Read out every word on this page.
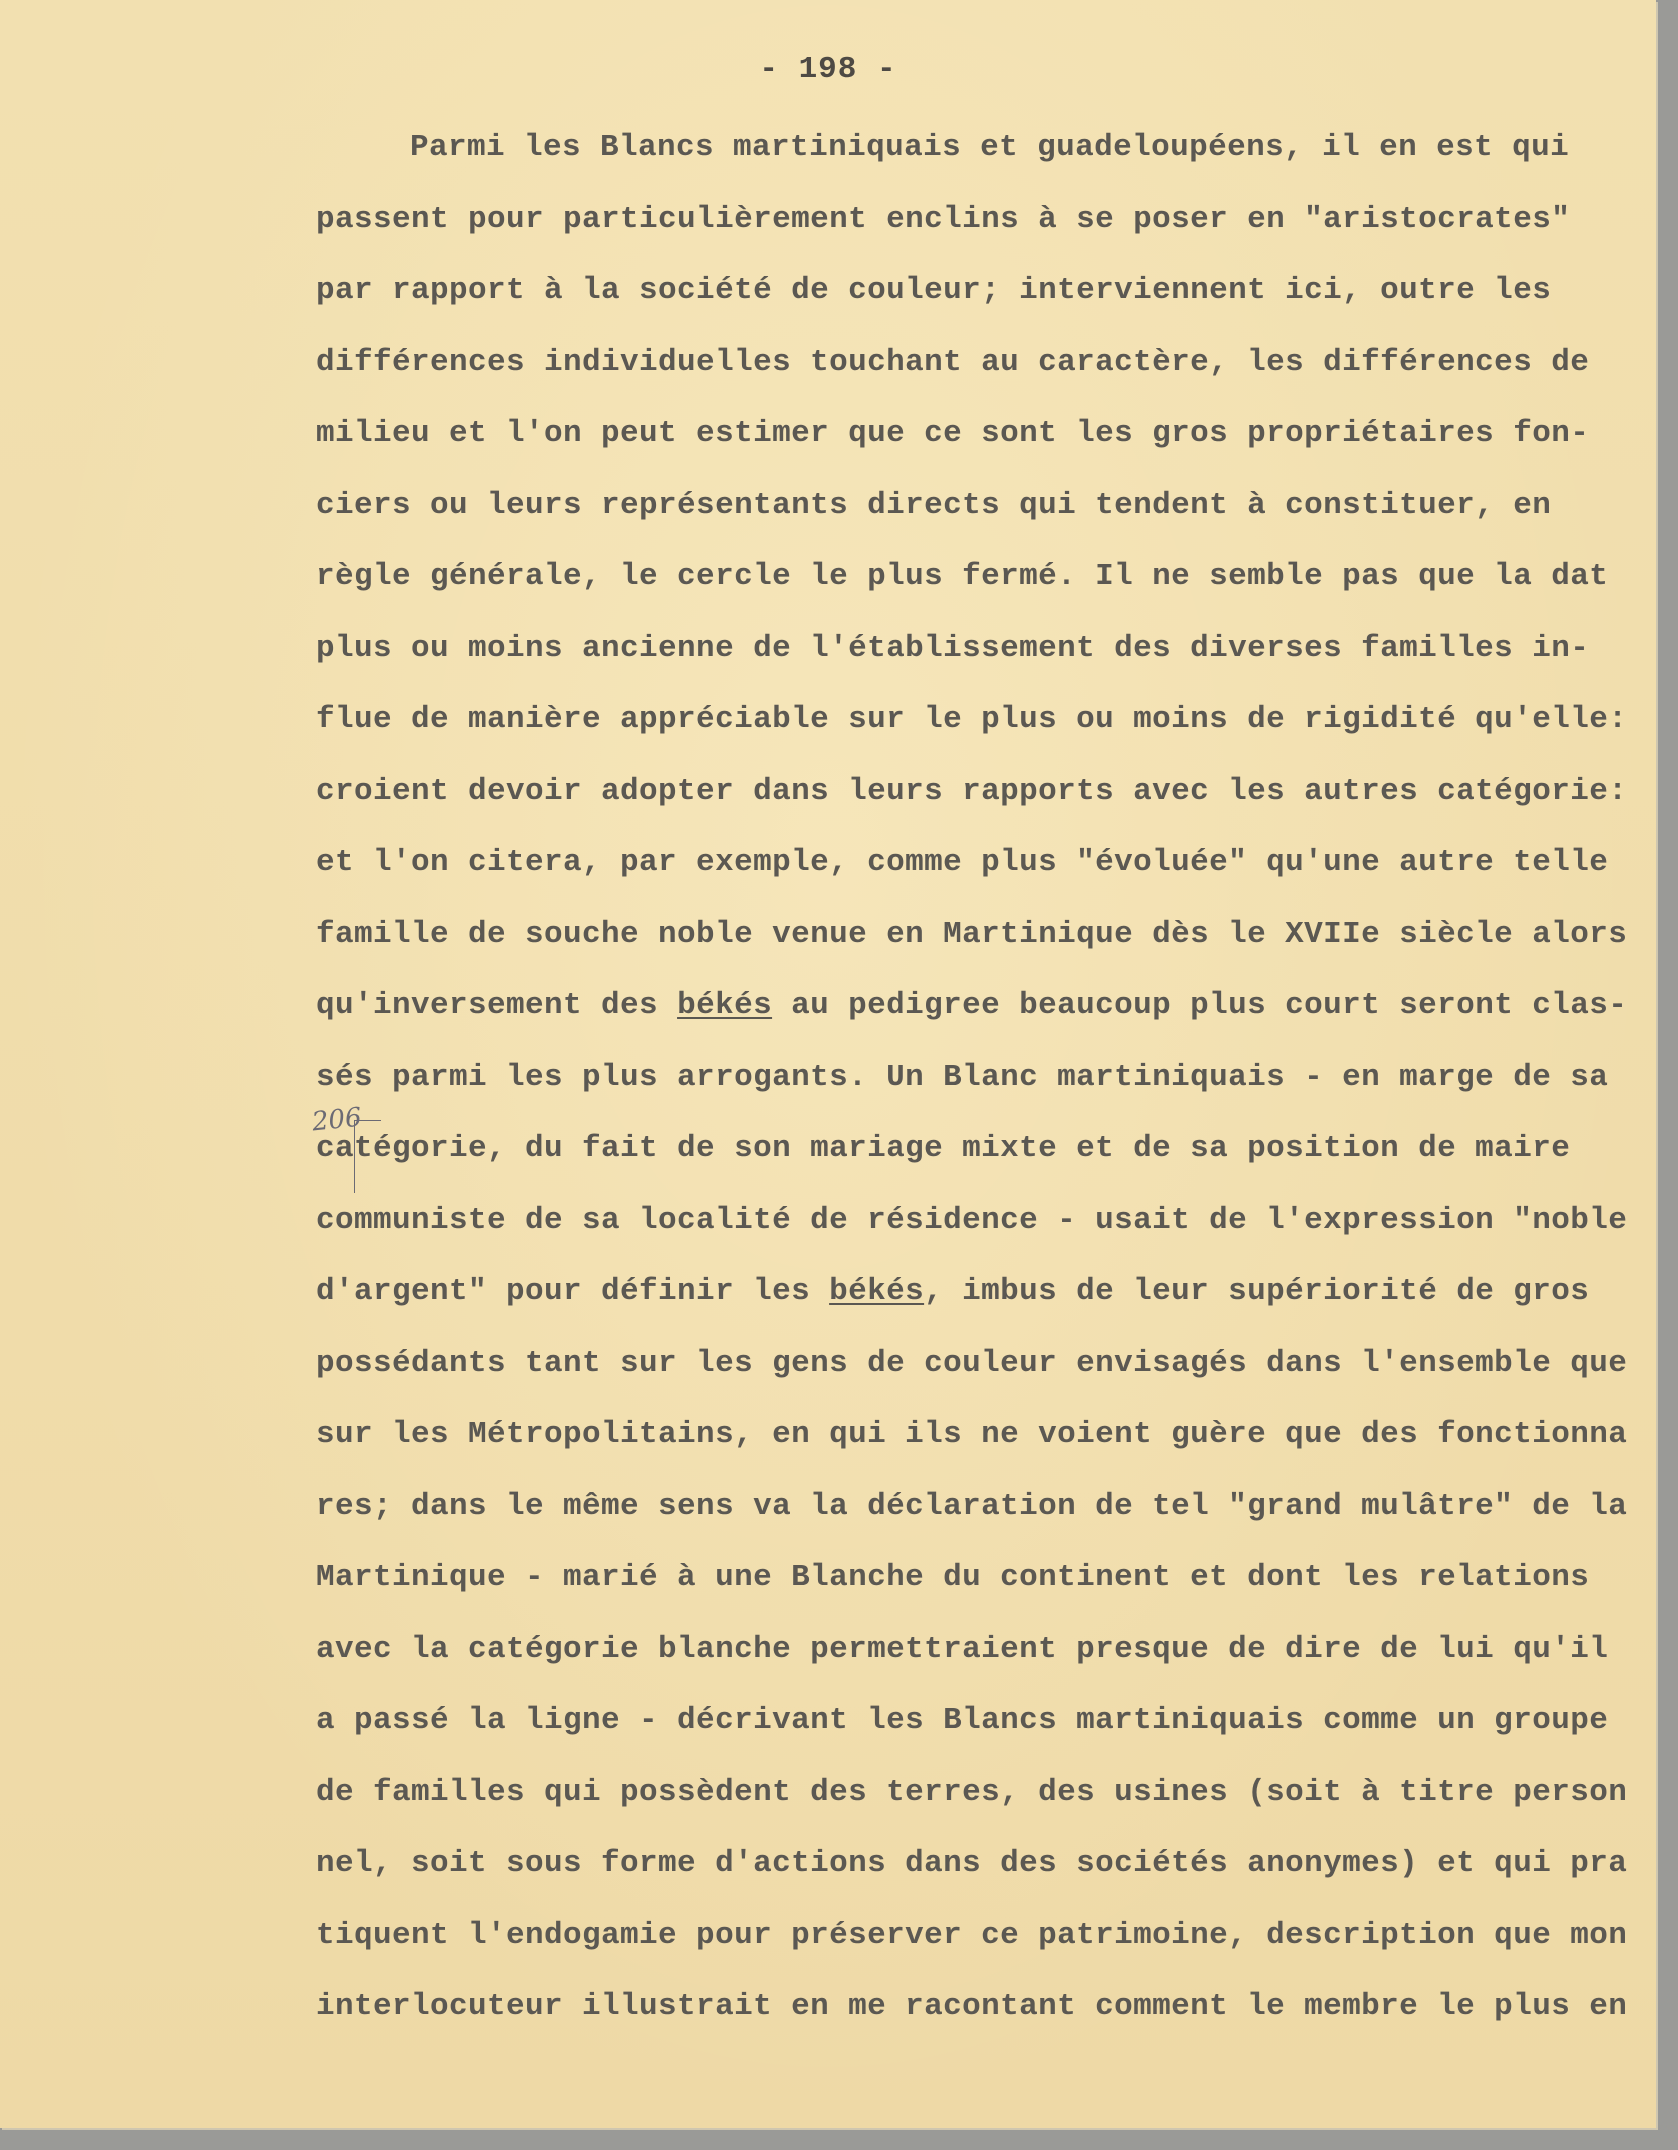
- 198 -
Parmi les Blancs martiniquais et guadeloupéens, il en est qui
passent pour particulièrement enclins à se poser en "aristocrates"
par rapport à la société de couleur; interviennent ici, outre les
différences individuelles touchant au caractère, les différences de
milieu et l'on peut estimer que ce sont les gros propriétaires fon-
ciers ou leurs représentants directs qui tendent à constituer, en
règle générale, le cercle le plus fermé. Il ne semble pas que la dat
plus ou moins ancienne de l'établissement des diverses familles in-
flue de manière appréciable sur le plus ou moins de rigidité qu'elle:
croient devoir adopter dans leurs rapports avec les autres catégorie:
et l'on citera, par exemple, comme plus "évoluée" qu'une autre telle
famille de souche noble venue en Martinique dès le XVIIe siècle alors
qu'inversement des békés au pedigree beaucoup plus court seront clas-
sés parmi les plus arrogants. Un Blanc martiniquais - en marge de sa
catégorie, du fait de son mariage mixte et de sa position de maire
communiste de sa localité de résidence - usait de l'expression "noble
d'argent" pour définir les békés, imbus de leur supériorité de gros
possédants tant sur les gens de couleur envisagés dans l'ensemble que
sur les Métropolitains, en qui ils ne voient guère que des fonctionna
res; dans le même sens va la déclaration de tel "grand mulâtre" de la
Martinique - marié à une Blanche du continent et dont les relations
avec la catégorie blanche permettraient presque de dire de lui qu'il
a passé la ligne - décrivant les Blancs martiniquais comme un groupe
de familles qui possèdent des terres, des usines (soit à titre person
nel, soit sous forme d'actions dans des sociétés anonymes) et qui pra
tiquent l'endogamie pour préserver ce patrimoine, description que mon
interlocuteur illustrait en me racontant comment le membre le plus en
206
